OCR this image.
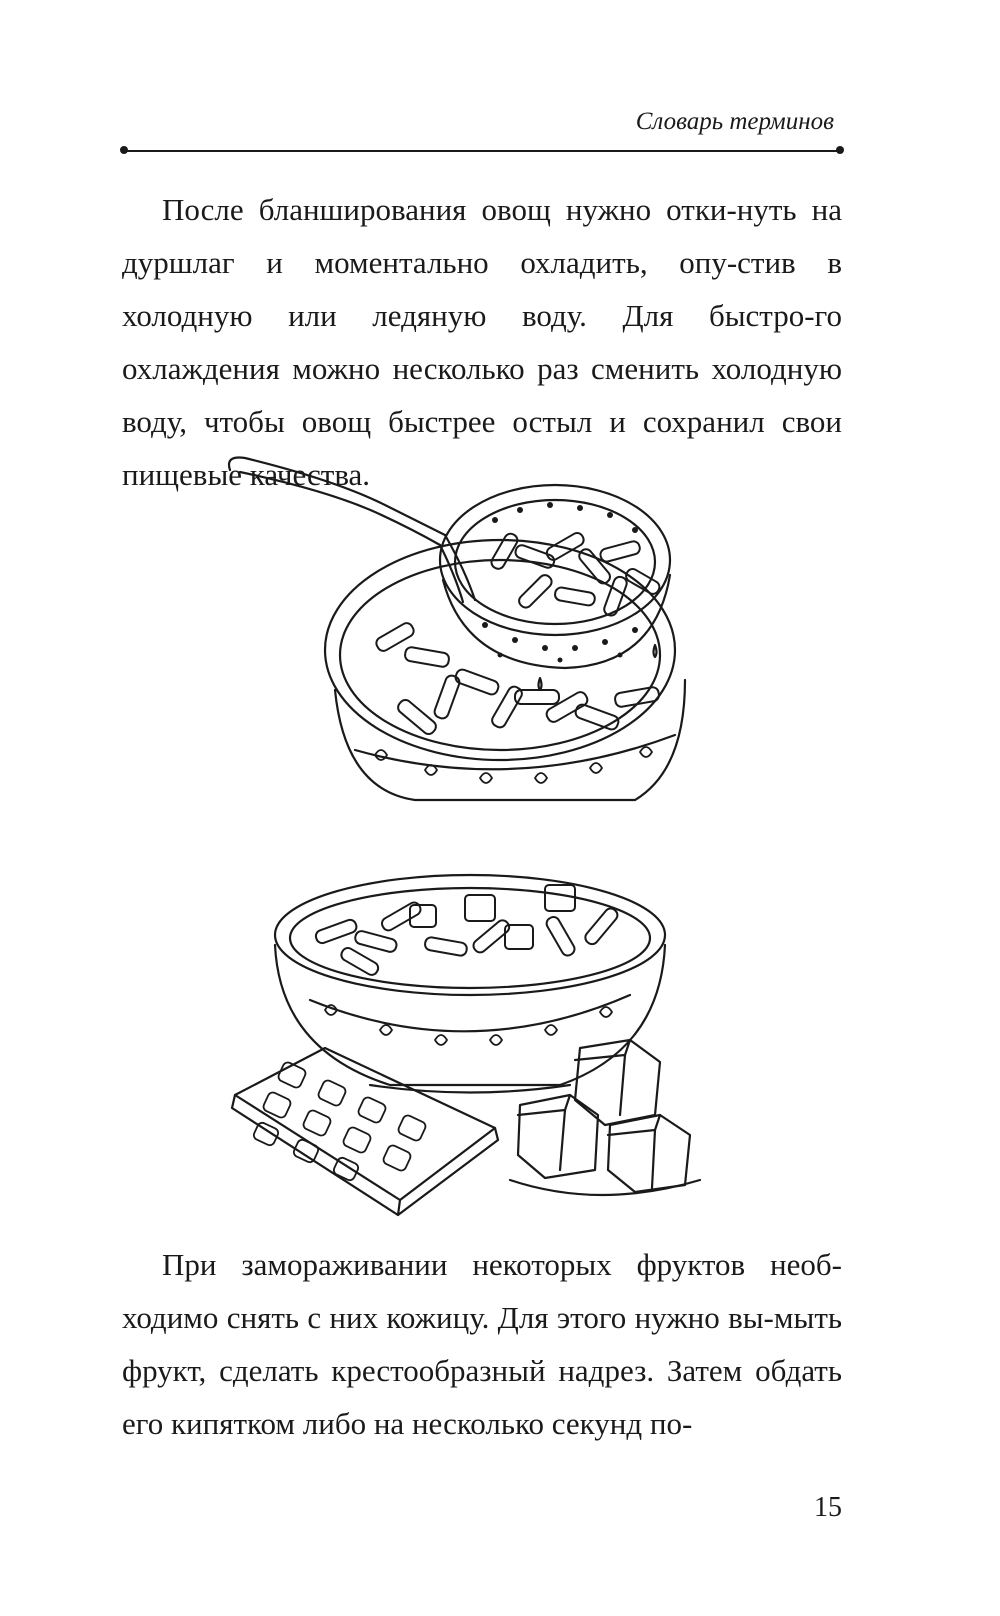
Словарь терминов

После бланширования овощ нужно отки-нуть на дуршлаг и моментально охладить, опу-стив в холодную или ледяную воду. Для быстро-го охлаждения можно несколько раз сменить холодную воду, чтобы овощ быстрее остыл и сохранил свои пищевые качества.

При замораживании некоторых фруктов необ-ходимо снять с них кожицу. Для этого нужно вы-мыть фрукт, сделать крестообразный надрез. Затем обдать его кипятком либо на несколько секунд по-

15
